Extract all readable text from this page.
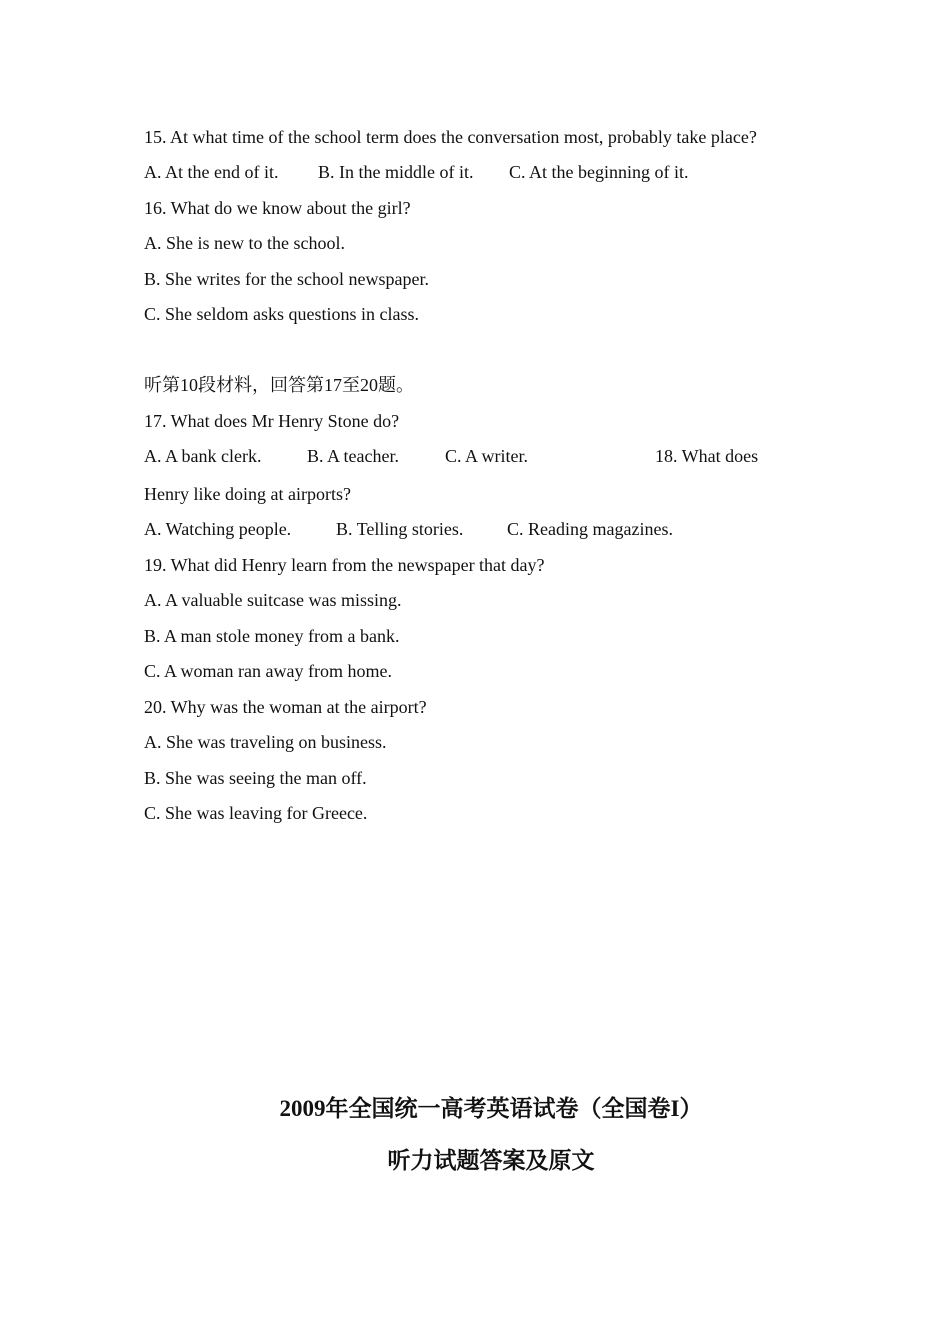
15. At what time of the school term does the conversation most, probably take place?
A. At the end of it. B. In the middle of it. C. At the beginning of it.
16. What do we know about the girl?
A. She is new to the school.
B. She writes for the school newspaper.
C. She seldom asks questions in class.
听第10段材料，回答第17至20题。
17. What does Mr Henry Stone do?
A. A bank clerk.	B. A teacher.	C. A writer.	18. What does
Henry like doing at airports?
A. Watching people. B. Telling stories. C. Reading magazines.
19. What did Henry learn from the newspaper that day?
A. A valuable suitcase was missing.
B. A man stole money from a bank.
C. A woman ran away from home.
20. Why was the woman at the airport?
A. She was traveling on business.
B. She was seeing the man off.
C. She was leaving for Greece.
2009年全国统一高考英语试卷（全国卷I）
听力试题答案及原文
